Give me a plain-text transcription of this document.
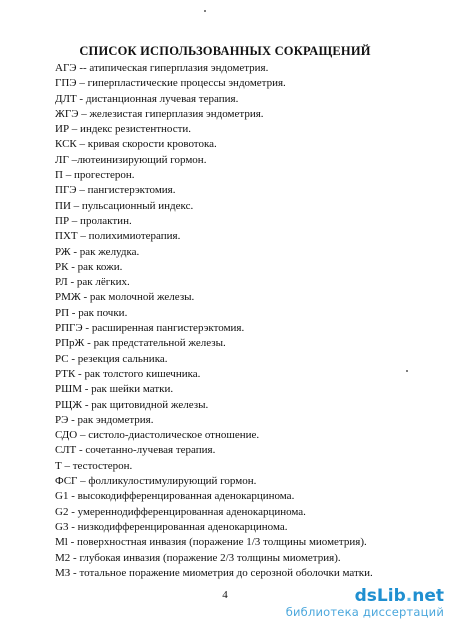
СПИСОК ИСПОЛЬЗОВАННЫХ СОКРАЩЕНИЙ
АГЭ -- атипическая гиперплазия эндометрия.
ГПЭ – гиперпластические процессы эндометрия.
ДЛТ - дистанционная лучевая терапия.
ЖГЭ – железистая гиперплазия эндометрия.
ИР – индекс резистентности.
КСК – кривая скорости кровотока.
ЛГ –лютеинизирующий гормон.
П – прогестерон.
ПГЭ – пангистерэктомия.
ПИ – пульсационный индекс.
ПР – пролактин.
ПХТ – полихимиотерапия.
РЖ - рак желудка.
РК - рак кожи.
РЛ - рак лёгких.
РМЖ - рак молочной железы.
РП - рак почки.
РПГЭ - расширенная пангистерэктомия.
РПрЖ - рак предстательной железы.
РС - резекция сальника.
РТК - рак толстого кишечника.
РШМ - рак шейки матки.
РЩЖ - рак щитовидной железы.
РЭ - рак эндометрия.
СДО – систоло-диастолическое отношение.
СЛТ - сочетанно-лучевая терапия.
Т – тестостерон.
ФСГ – фолликулостимулирующий гормон.
G1 - высокодифференцированная аденокарцинома.
G2 - умереннодифференцированная аденокарцинома.
G3 - низкодифференцированная аденокарцинома.
Ml - поверхностная инвазия (поражение 1/3 толщины миометрия).
М2 - глубокая инвазия (поражение 2/3 толщины миометрия).
МЗ - тотальное поражение миометрия до серозной оболочки матки.
4	dsLib.net
библиотека диссертаций
